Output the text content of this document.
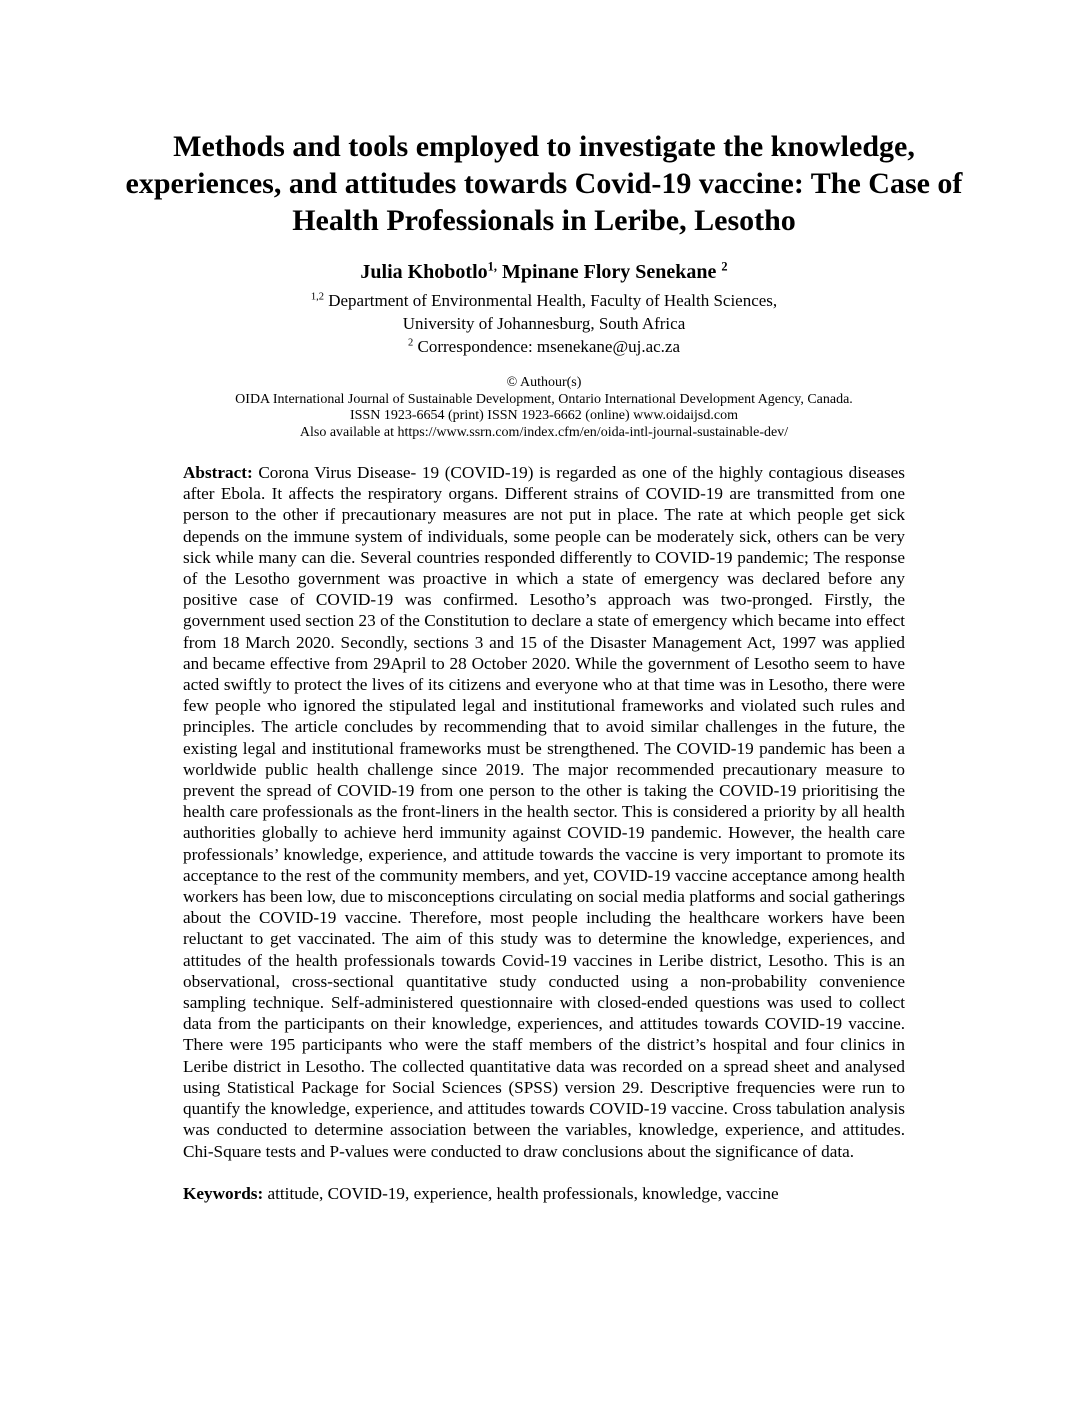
Methods and tools employed to investigate the knowledge, experiences, and attitudes towards Covid-19 vaccine: The Case of Health Professionals in Leribe, Lesotho
Julia Khobotlo$^{1,}$ Mpinane Flory Senekane $^2$
$^{1,2}$ Department of Environmental Health, Faculty of Health Sciences,
University of Johannesburg, South Africa
$^2$ Correspondence: msenekane@uj.ac.za
© Authour(s)
OIDA International Journal of Sustainable Development, Ontario International Development Agency, Canada.
ISSN 1923-6654 (print) ISSN 1923-6662 (online) www.oidaijsd.com
Also available at https://www.ssrn.com/index.cfm/en/oida-intl-journal-sustainable-dev/

Abstract: Corona Virus Disease- 19 (COVID-19) is regarded as one of the highly contagious diseases after Ebola. It affects the respiratory organs. Different strains of COVID-19 are transmitted from one person to the other if precautionary measures are not put in place. The rate at which people get sick depends on the immune system of individuals, some people can be moderately sick, others can be very sick while many can die. Several countries responded differently to COVID-19 pandemic; The response of the Lesotho government was proactive in which a state of emergency was declared before any positive case of COVID-19 was confirmed. Lesotho’s approach was two-pronged. Firstly, the government used section 23 of the Constitution to declare a state of emergency which became into effect from 18 March 2020. Secondly, sections 3 and 15 of the Disaster Management Act, 1997 was applied and became effective from 29April to 28 October 2020. While the government of Lesotho seem to have acted swiftly to protect the lives of its citizens and everyone who at that time was in Lesotho, there were few people who ignored the stipulated legal and institutional frameworks and violated such rules and principles. The article concludes by recommending that to avoid similar challenges in the future, the existing legal and institutional frameworks must be strengthened. The COVID-19 pandemic has been a worldwide public health challenge since 2019. The major recommended precautionary measure to prevent the spread of COVID-19 from one person to the other is taking the COVID-19 prioritising the health care professionals as the front-liners in the health sector. This is considered a priority by all health authorities globally to achieve herd immunity against COVID-19 pandemic. However, the health care professionals’ knowledge, experience, and attitude towards the vaccine is very important to promote its acceptance to the rest of the community members, and yet, COVID-19 vaccine acceptance among health workers has been low, due to misconceptions circulating on social media platforms and social gatherings about the COVID-19 vaccine. Therefore, most people including the healthcare workers have been reluctant to get vaccinated. The aim of this study was to determine the knowledge, experiences, and attitudes of the health professionals towards Covid-19 vaccines in Leribe district, Lesotho. This is an observational, cross-sectional quantitative study conducted using a non-probability convenience sampling technique. Self-administered questionnaire with closed-ended questions was used to collect data from the participants on their knowledge, experiences, and attitudes towards COVID-19 vaccine. There were 195 participants who were the staff members of the district’s hospital and four clinics in Leribe district in Lesotho. The collected quantitative data was recorded on a spread sheet and analysed using Statistical Package for Social Sciences (SPSS) version 29. Descriptive frequencies were run to quantify the knowledge, experience, and attitudes towards COVID-19 vaccine. Cross tabulation analysis was conducted to determine association between the variables, knowledge, experience, and attitudes. Chi-Square tests and P-values were conducted to draw conclusions about the significance of data.

Keywords: attitude, COVID-19, experience, health professionals, knowledge, vaccine
